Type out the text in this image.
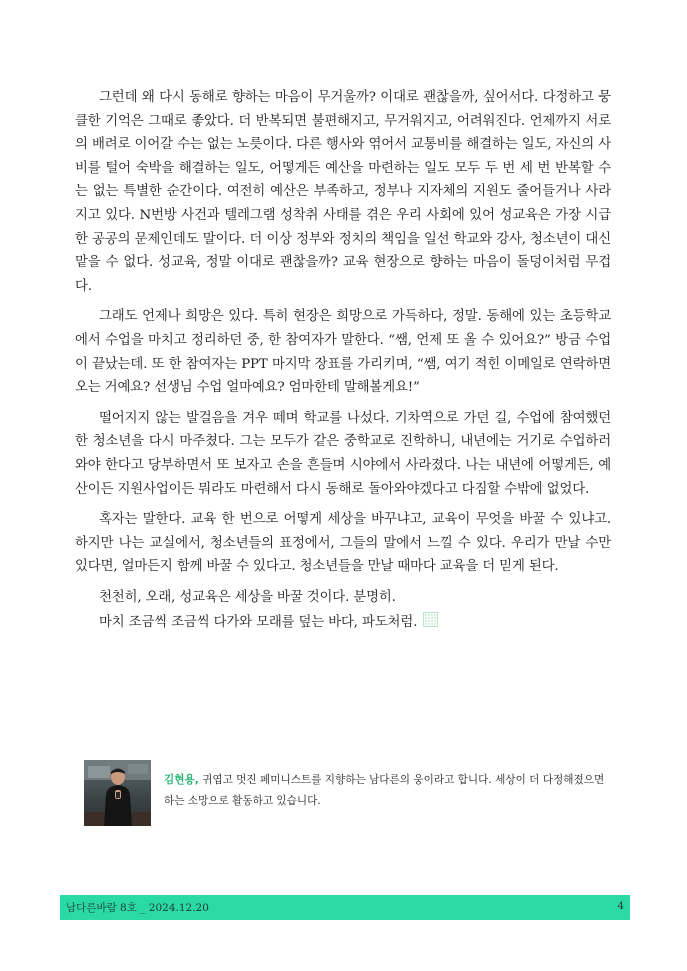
그런데 왜 다시 동해로 향하는 마음이 무거울까? 이대로 괜찮을까, 싶어서다. 다정하고 뭉클한 기억은 그때로 좋았다. 더 반복되면 불편해지고, 무거워지고, 어려워진다. 언제까지 서로의 배려로 이어갈 수는 없는 노릇이다. 다른 행사와 엮어서 교통비를 해결하는 일도, 자신의 사비를 털어 숙박을 해결하는 일도, 어떻게든 예산을 마련하는 일도 모두 두 번 세 번 반복할 수는 없는 특별한 순간이다. 여전히 예산은 부족하고, 정부나 지자체의 지원도 줄어들거나 사라지고 있다. N번방 사건과 텔레그램 성착취 사태를 겪은 우리 사회에 있어 성교육은 가장 시급한 공공의 문제인데도 말이다. 더 이상 정부와 정치의 책임을 일선 학교와 강사, 청소년이 대신 맡을 수 없다. 성교육, 정말 이대로 괜찮을까? 교육 현장으로 향하는 마음이 돌덩이처럼 무겁다.

그래도 언제나 희망은 있다. 특히 현장은 희망으로 가득하다, 정말. 동해에 있는 초등학교에서 수업을 마치고 정리하던 중, 한 참여자가 말한다. “쌤, 언제 또 올 수 있어요?” 방금 수업이 끝났는데. 또 한 참여자는 PPT 마지막 장표를 가리키며, “쌤, 여기 적힌 이메일로 연락하면 오는 거예요? 선생님 수업 얼마예요? 엄마한테 말해볼게요!”

떨어지지 않는 발걸음을 겨우 떼며 학교를 나섰다. 기차역으로 가던 길, 수업에 참여했던 한 청소년을 다시 마주쳤다. 그는 모두가 같은 중학교로 진학하니, 내년에는 거기로 수업하러 와야 한다고 당부하면서 또 보자고 손을 흔들며 시야에서 사라졌다. 나는 내년에 어떻게든, 예산이든 지원사업이든 뭐라도 마련해서 다시 동해로 돌아와야겠다고 다짐할 수밖에 없었다.

혹자는 말한다. 교육 한 번으로 어떻게 세상을 바꾸냐고, 교육이 무엇을 바꿀 수 있냐고. 하지만 나는 교실에서, 청소년들의 표정에서, 그들의 말에서 느낄 수 있다. 우리가 만날 수만 있다면, 얼마든지 함께 바꿀 수 있다고. 청소년들을 만날 때마다 교육을 더 믿게 된다.

천천히, 오래, 성교육은 세상을 바꿀 것이다. 분명히.

마치 조금씩 조금씩 다가와 모래를 덮는 바다, 파도처럼.

김현용, 귀엽고 멋진 페미니스트를 지향하는 남다른의 웅이라고 합니다. 세상이 더 다정해졌으면 하는 소망으로 활동하고 있습니다.
남다른바람 8호 _ 2024.12.20	4
